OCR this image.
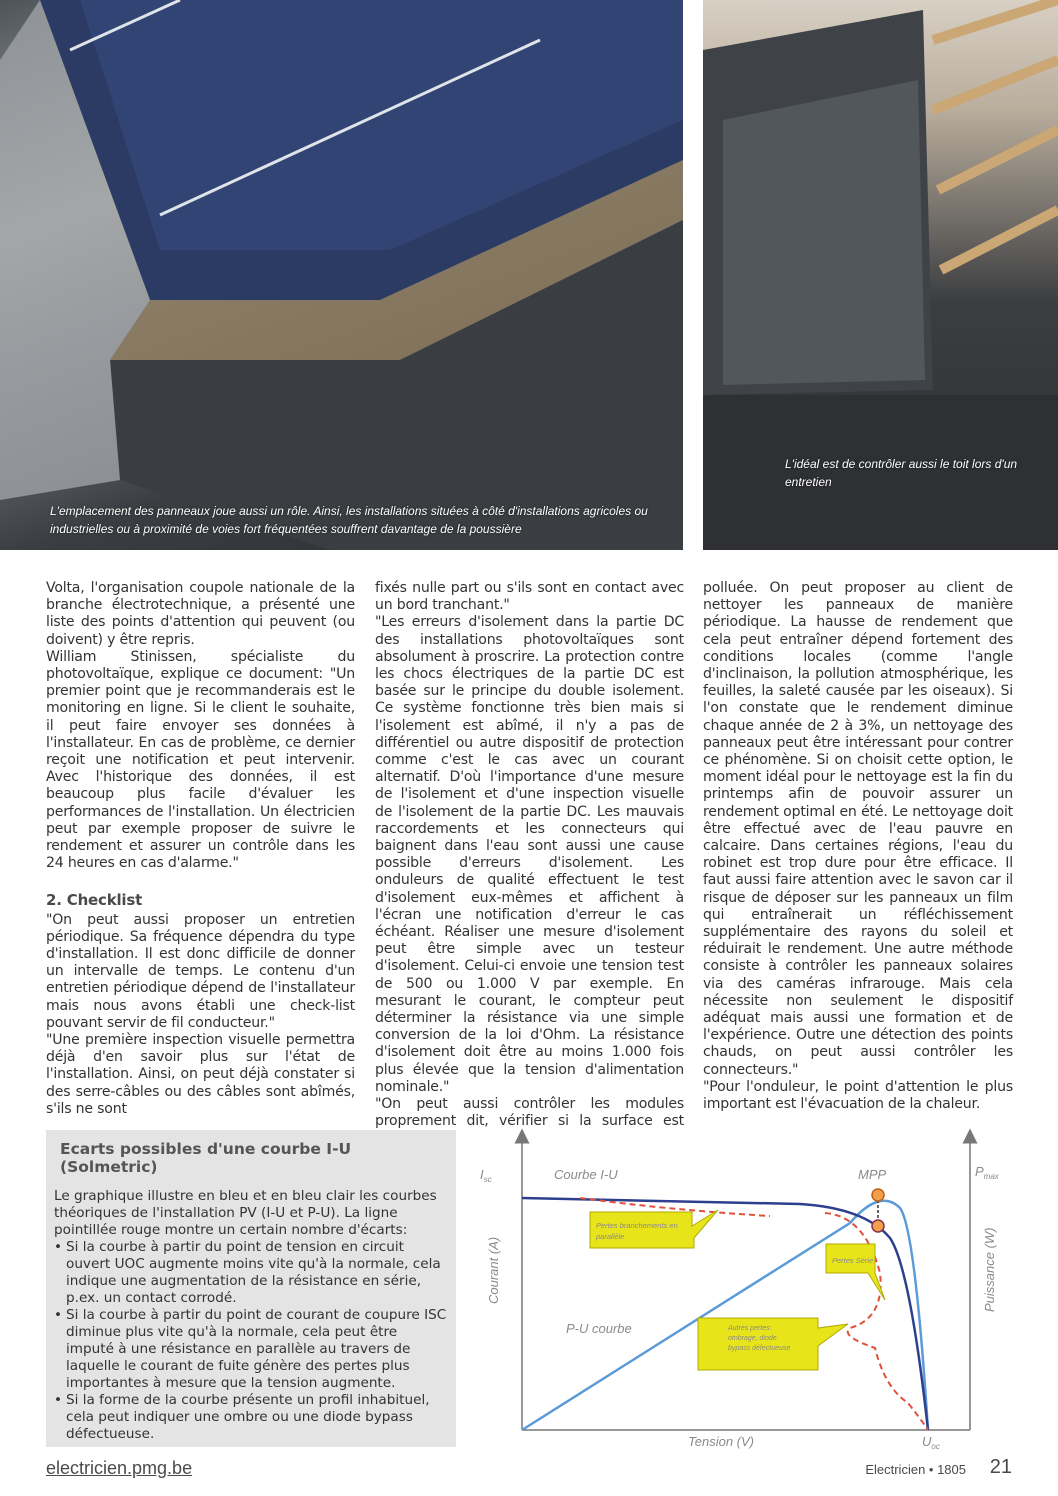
L'emplacement des panneaux joue aussi un rôle. Ainsi, les installations situées à côté d'installations agricoles ou industrielles ou à proximité de voies fort fréquentées souffrent davantage de la poussière
L'idéal est de contrôler aussi le toit lors d'un entretien

Volta, l'organisation coupole nationale de la branche électrotechnique, a présenté une liste des points d'attention qui peuvent (ou doivent) y être repris.

William Stinissen, spécialiste du photovoltaïque, explique ce document: "Un premier point que je recommanderais est le monitoring en ligne. Si le client le souhaite, il peut faire envoyer ses données à l'installateur. En cas de problème, ce dernier reçoit une notification et peut intervenir. Avec l'historique des données, il est beaucoup plus facile d'évaluer les performances de l'installation. Un électricien peut par exemple proposer de suivre le rendement et assurer un contrôle dans les 24 heures en cas d'alarme."

2. Checklist

"On peut aussi proposer un entretien périodique. Sa fréquence dépendra du type d'installation. Il est donc difficile de donner un intervalle de temps. Le contenu d'un entretien périodique dépend de l'installateur mais nous avons établi une check-list pouvant servir de fil conducteur."

"Une première inspection visuelle permettra déjà d'en savoir plus sur l'état de l'installation. Ainsi, on peut déjà constater si des serre-câbles ou des câbles sont abîmés, s'ils ne sont

fixés nulle part ou s'ils sont en contact avec un bord tranchant."

"Les erreurs d'isolement dans la partie DC des installations photovoltaïques sont absolument à proscrire. La protection contre les chocs électriques de la partie DC est basée sur le principe du double isolement. Ce système fonctionne très bien mais si l'isolement est abîmé, il n'y a pas de différentiel ou autre dispositif de protection comme c'est le cas avec un courant alternatif. D'où l'importance d'une mesure de l'isolement et d'une inspection visuelle de l'isolement de la partie DC. Les mauvais raccordements et les connecteurs qui baignent dans l'eau sont aussi une cause possible d'erreurs d'isolement. Les onduleurs de qualité effectuent le test d'isolement eux-mêmes et affichent à l'écran une notification d'erreur le cas échéant. Réaliser une mesure d'isolement peut être simple avec un testeur d'isolement. Celui-ci envoie une tension test de 500 ou 1.000 V par exemple. En mesurant le courant, le compteur peut déterminer la résistance via une simple conversion de la loi d'Ohm. La résistance d'isolement doit être au moins 1.000 fois plus élevée que la tension d'alimentation nominale."

"On peut aussi contrôler les modules proprement dit, vérifier si la surface est

polluée. On peut proposer au client de nettoyer les panneaux de manière périodique. La hausse de rendement que cela peut entraîner dépend fortement des conditions locales (comme l'angle d'inclinaison, la pollution atmosphérique, les feuilles, la saleté causée par les oiseaux). Si l'on constate que le rendement diminue chaque année de 2 à 3%, un nettoyage des panneaux peut être intéressant pour contrer ce phénomène. Si on choisit cette option, le moment idéal pour le nettoyage est la fin du printemps afin de pouvoir assurer un rendement optimal en été. Le nettoyage doit être effectué avec de l'eau pauvre en calcaire. Dans certaines régions, l'eau du robinet est trop dure pour être efficace. Il faut aussi faire attention avec le savon car il risque de déposer sur les panneaux un film qui entraînerait un réfléchissement supplémentaire des rayons du soleil et réduirait le rendement. Une autre méthode consiste à contrôler les panneaux solaires via des caméras infrarouge. Mais cela nécessite non seulement le dispositif adéquat mais aussi une formation et de l'expérience. Outre une détection des points chauds, on peut aussi contrôler les connecteurs."

"Pour l'onduleur, le point d'attention le plus important est l'évacuation de la chaleur.

Ecarts possibles d'une courbe I-U (Solmetric)

Le graphique illustre en bleu et en bleu clair les courbes théoriques de l'installation PV (I-U et P-U). La ligne pointillée rouge montre un certain nombre d'écarts:

• Si la courbe à partir du point de tension en circuit ouvert UOC augmente moins vite qu'à la normale, cela indique une augmentation de la résistance en série, p.ex. un contact corrodé.
• Si la courbe à partir du point de courant de coupure ISC diminue plus vite qu'à la normale, cela peut être imputé à une résistance en parallèle au travers de laquelle le courant de fuite génère des pertes plus importantes à mesure que la tension augmente.
• Si la forme de la courbe présente un profil inhabituel, cela peut indiquer une ombre ou une diode bypass défectueuse.
Pertes branchements en
parallèle
Pertes Série
Autres pertes:
ombrage, diode
bypass défectueuse
$I_{sc}$	Courbe I-U	MPP	$P_{max}$
P-U courbe
Tension (V)	$U_{oc}$
Courant (A)	Puissance (W)
electricien.pmg.be	Electricien • 1805 21
